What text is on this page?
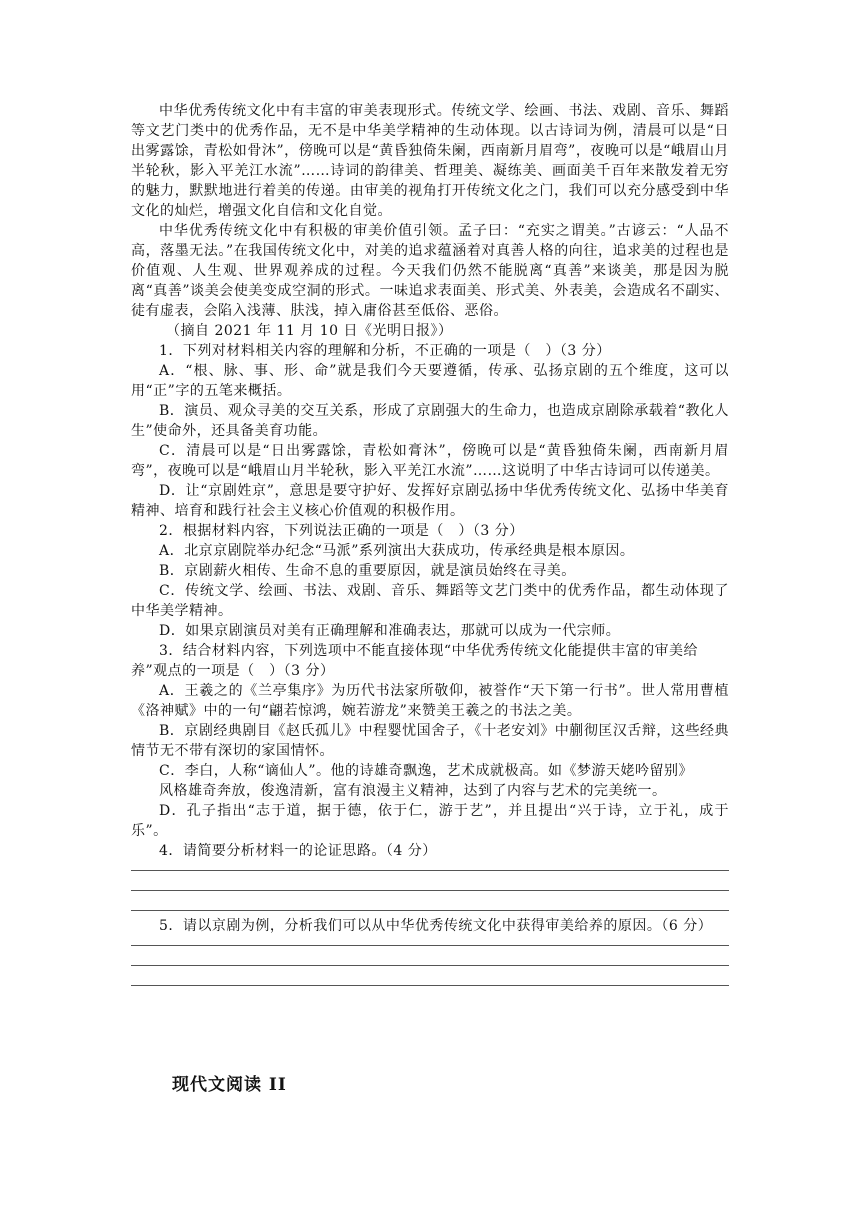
中华优秀传统文化中有丰富的审美表现形式。传统文学、绘画、书法、戏剧、音乐、舞蹈等文艺门类中的优秀作品，无不是中华美学精神的生动体现。以古诗词为例，清晨可以是“日出雾露馀，青松如骨沐”，傍晚可以是“黄昏独倚朱阑，西南新月眉弯”，夜晚可以是“峨眉山月半轮秋，影入平羌江水流”……诗词的韵律美、哲理美、凝练美、画面美千百年来散发着无穷的魅力，默默地进行着美的传递。由审美的视角打开传统文化之门，我们可以充分感受到中华文化的灿烂，增强文化自信和文化自觉。

中华优秀传统文化中有积极的审美价值引领。孟子曰：“充实之谓美。”古谚云：“人品不高，落墨无法。”在我国传统文化中，对美的追求蕴涵着对真善人格的向往，追求美的过程也是价值观、人生观、世界观养成的过程。今天我们仍然不能脱离“真善”来谈美，那是因为脱离“真善”谈美会使美变成空洞的形式。一味追求表面美、形式美、外表美，会造成名不副实、徒有虚表，会陷入浅薄、肤浅，掉入庸俗甚至低俗、恶俗。

（摘自 2021 年 11 月 10 日《光明日报》）

1．下列对材料相关内容的理解和分析，不正确的一项是（　）（3 分）

A．“根、脉、事、形、命”就是我们今天要遵循，传承、弘扬京剧的五个维度，这可以用“正”字的五笔来概括。

B．演员、观众寻美的交互关系，形成了京剧强大的生命力，也造成京剧除承载着“教化人生”使命外，还具备美育功能。

C．清晨可以是“日出雾露馀，青松如膏沐”，傍晚可以是“黄昏独倚朱阑，西南新月眉弯”，夜晚可以是“峨眉山月半轮秋，影入平羌江水流”……这说明了中华古诗词可以传递美。

D．让“京剧姓京”，意思是要守护好、发挥好京剧弘扬中华优秀传统文化、弘扬中华美育精神、培育和践行社会主义核心价值观的积极作用。

2．根据材料内容，下列说法正确的一项是（　）（3 分）

A．北京京剧院举办纪念“马派”系列演出大获成功，传承经典是根本原因。

B．京剧薪火相传、生命不息的重要原因，就是演员始终在寻美。

C．传统文学、绘画、书法、戏剧、音乐、舞蹈等文艺门类中的优秀作品，都生动体现了中华美学精神。

D．如果京剧演员对美有正确理解和准确表达，那就可以成为一代宗师。

3．结合材料内容，下列选项中不能直接体现“中华优秀传统文化能提供丰富的审美给养”观点的一项是（　）（3 分）

A．王羲之的《兰亭集序》为历代书法家所敬仰，被誉作“天下第一行书”。世人常用曹植《洛神赋》中的一句“翩若惊鸿，婉若游龙”来赞美王羲之的书法之美。

B．京剧经典剧目《赵氏孤儿》中程婴忧国舍子，《十老安刘》中蒯彻匡汉舌辩，这些经典情节无不带有深切的家国情怀。

C．李白，人称“谪仙人”。他的诗雄奇飘逸，艺术成就极高。如《梦游天姥吟留别》

风格雄奇奔放，俊逸清新，富有浪漫主义精神，达到了内容与艺术的完美统一。

D．孔子指出“志于道，据于德，依于仁，游于艺”，并且提出“兴于诗，立于礼，成于乐”。

4．请简要分析材料一的论证思路。（4 分）

5．请以京剧为例，分析我们可以从中华优秀传统文化中获得审美给养的原因。（6 分）

现代文阅读 II
